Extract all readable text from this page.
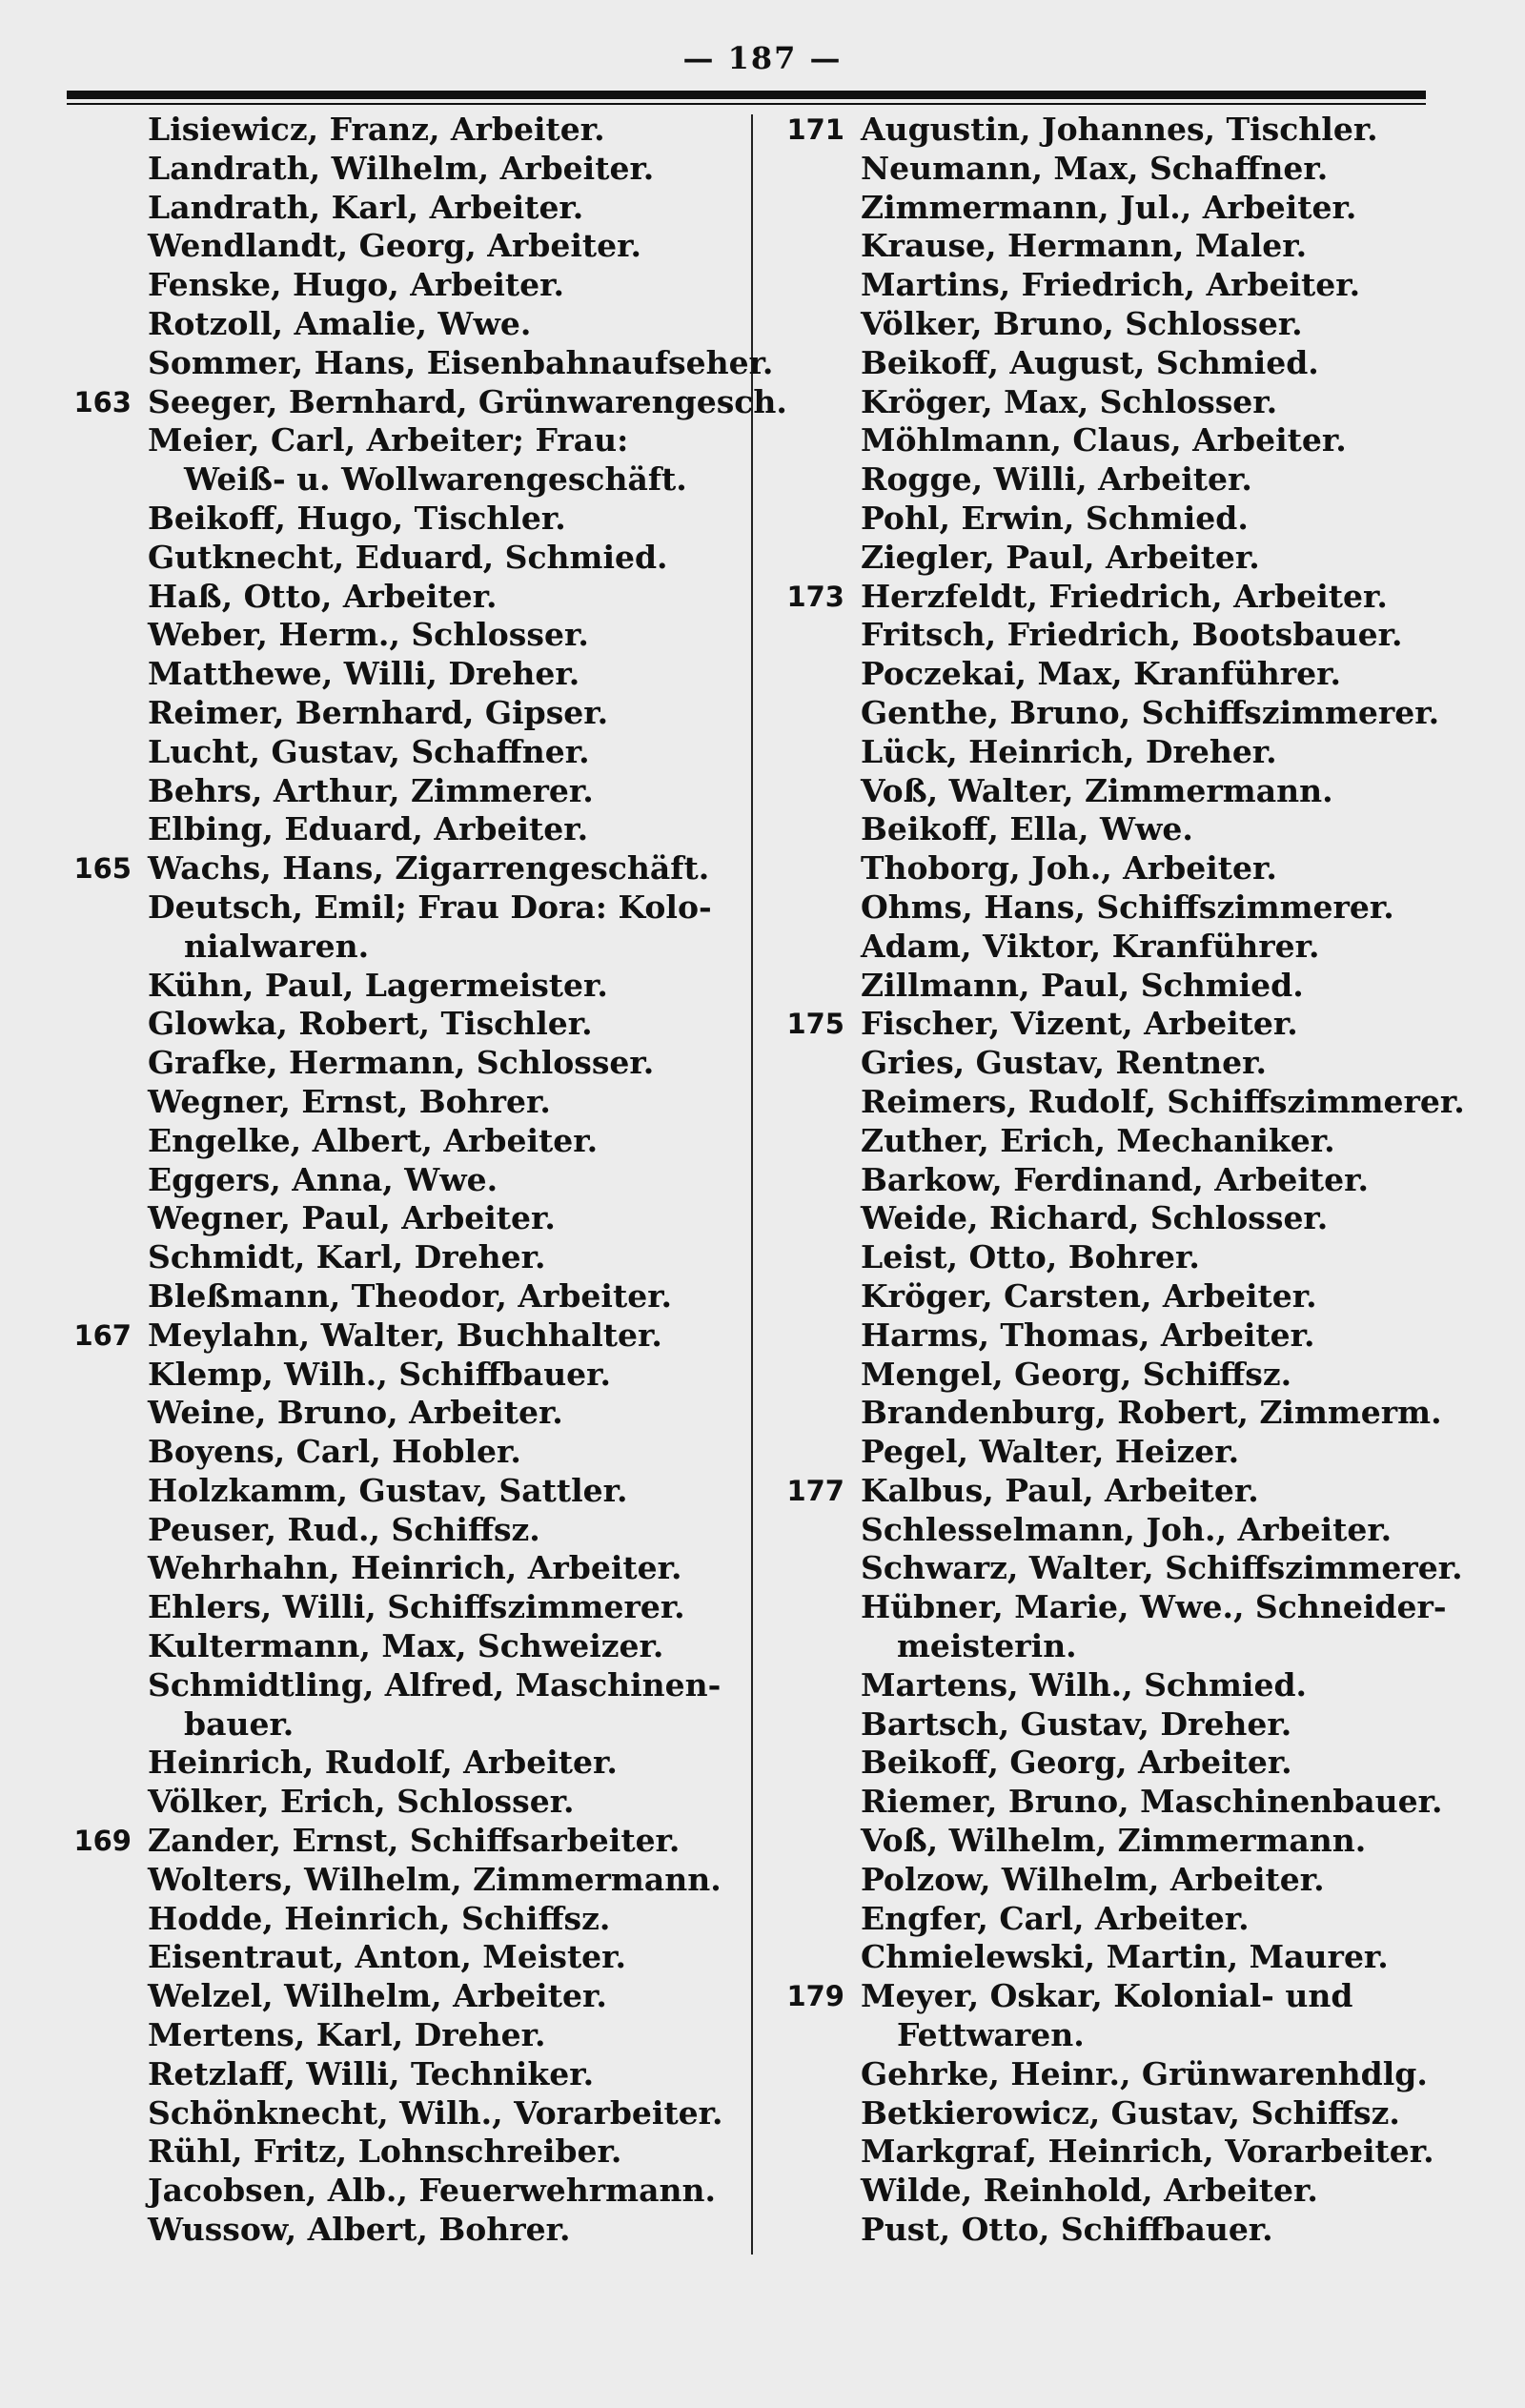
— 187 —
Lisiewicz, Franz, Arbeiter.
Landrath, Wilhelm, Arbeiter.
Landrath, Karl, Arbeiter.
Wendlandt, Georg, Arbeiter.
Fenske, Hugo, Arbeiter.
Rotzoll, Amalie, Wwe.
Sommer, Hans, Eisenbahnaufseher.
163 Seeger, Bernhard, Grünwarengesch.
Meier, Carl, Arbeiter; Frau:
Weiß- u. Wollwarengeschäft.
Beikoff, Hugo, Tischler.
Gutknecht, Eduard, Schmied.
Haß, Otto, Arbeiter.
Weber, Herm., Schlosser.
Matthewe, Willi, Dreher.
Reimer, Bernhard, Gipser.
Lucht, Gustav, Schaffner.
Behrs, Arthur, Zimmerer.
Elbing, Eduard, Arbeiter.
165 Wachs, Hans, Zigarrengeschäft.
Deutsch, Emil; Frau Dora: Kolo-
nialwaren.
Kühn, Paul, Lagermeister.
Glowka, Robert, Tischler.
Grafke, Hermann, Schlosser.
Wegner, Ernst, Bohrer.
Engelke, Albert, Arbeiter.
Eggers, Anna, Wwe.
Wegner, Paul, Arbeiter.
Schmidt, Karl, Dreher.
Bleßmann, Theodor, Arbeiter.
167 Meylahn, Walter, Buchhalter.
Klemp, Wilh., Schiffbauer.
Weine, Bruno, Arbeiter.
Boyens, Carl, Hobler.
Holzkamm, Gustav, Sattler.
Peuser, Rud., Schiffsz.
Wehrhahn, Heinrich, Arbeiter.
Ehlers, Willi, Schiffszimmerer.
Kultermann, Max, Schweizer.
Schmidtling, Alfred, Maschinen-
bauer.
Heinrich, Rudolf, Arbeiter.
Völker, Erich, Schlosser.
169 Zander, Ernst, Schiffsarbeiter.
Wolters, Wilhelm, Zimmermann.
Hodde, Heinrich, Schiffsz.
Eisentraut, Anton, Meister.
Welzel, Wilhelm, Arbeiter.
Mertens, Karl, Dreher.
Retzlaff, Willi, Techniker.
Schönknecht, Wilh., Vorarbeiter.
Rühl, Fritz, Lohnschreiber.
Jacobsen, Alb., Feuerwehrmann.
Wussow, Albert, Bohrer.
171 Augustin, Johannes, Tischler.
Neumann, Max, Schaffner.
Zimmermann, Jul., Arbeiter.
Krause, Hermann, Maler.
Martins, Friedrich, Arbeiter.
Völker, Bruno, Schlosser.
Beikoff, August, Schmied.
Kröger, Max, Schlosser.
Möhlmann, Claus, Arbeiter.
Rogge, Willi, Arbeiter.
Pohl, Erwin, Schmied.
Ziegler, Paul, Arbeiter.
173 Herzfeldt, Friedrich, Arbeiter.
Fritsch, Friedrich, Bootsbauer.
Poczekai, Max, Kranführer.
Genthe, Bruno, Schiffszimmerer.
Lück, Heinrich, Dreher.
Voß, Walter, Zimmermann.
Beikoff, Ella, Wwe.
Thoborg, Joh., Arbeiter.
Ohms, Hans, Schiffszimmerer.
Adam, Viktor, Kranführer.
Zillmann, Paul, Schmied.
175 Fischer, Vizent, Arbeiter.
Gries, Gustav, Rentner.
Reimers, Rudolf, Schiffszimmerer.
Zuther, Erich, Mechaniker.
Barkow, Ferdinand, Arbeiter.
Weide, Richard, Schlosser.
Leist, Otto, Bohrer.
Kröger, Carsten, Arbeiter.
Harms, Thomas, Arbeiter.
Mengel, Georg, Schiffsz.
Brandenburg, Robert, Zimmerm.
Pegel, Walter, Heizer.
177 Kalbus, Paul, Arbeiter.
Schlesselmann, Joh., Arbeiter.
Schwarz, Walter, Schiffszimmerer.
Hübner, Marie, Wwe., Schneider-
meisterin.
Martens, Wilh., Schmied.
Bartsch, Gustav, Dreher.
Beikoff, Georg, Arbeiter.
Riemer, Bruno, Maschinenbauer.
Voß, Wilhelm, Zimmermann.
Polzow, Wilhelm, Arbeiter.
Engfer, Carl, Arbeiter.
Chmielewski, Martin, Maurer.
179 Meyer, Oskar, Kolonial- und
Fettwaren.
Gehrke, Heinr., Grünwarenhdlg.
Betkierowicz, Gustav, Schiffsz.
Markgraf, Heinrich, Vorarbeiter.
Wilde, Reinhold, Arbeiter.
Pust, Otto, Schiffbauer.
